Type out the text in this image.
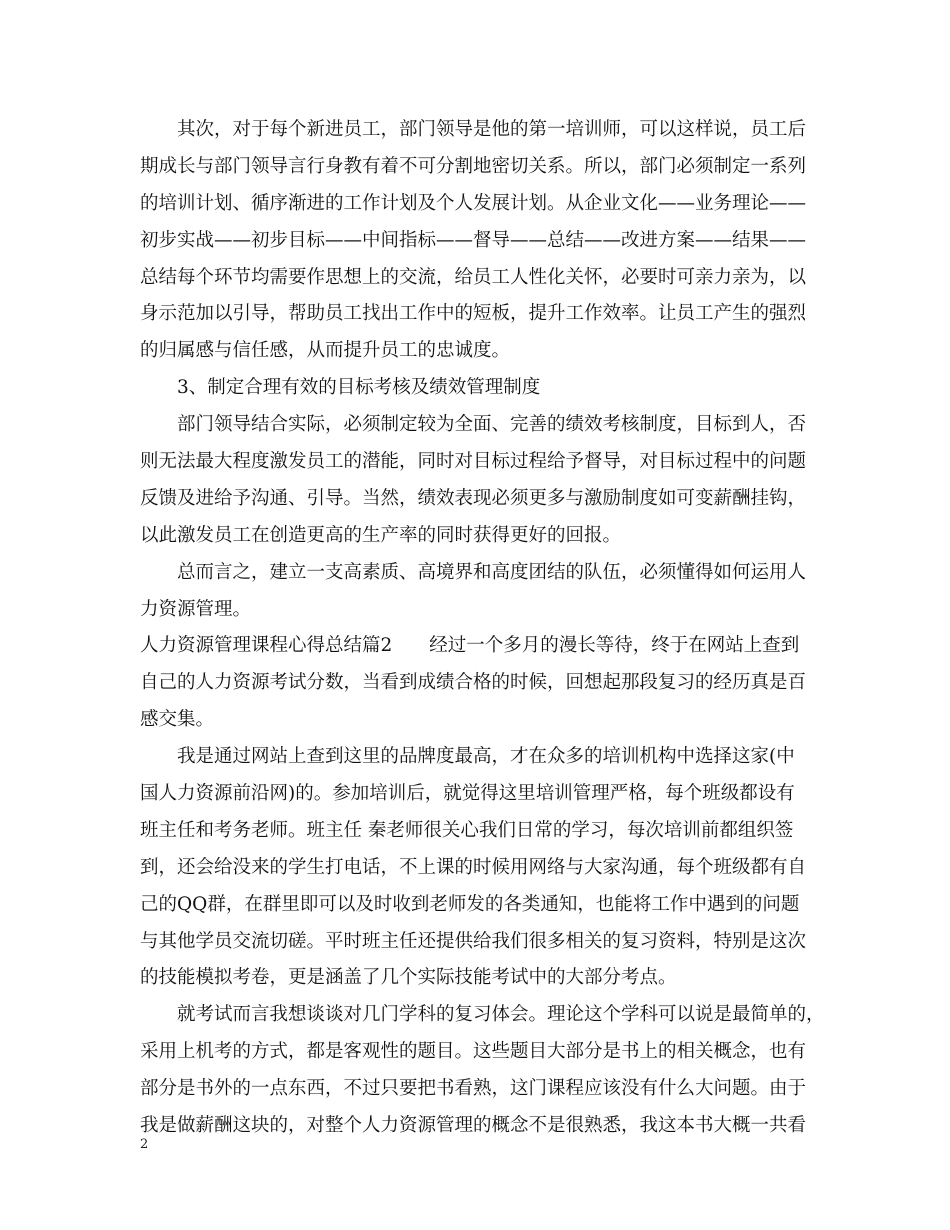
其次，对于每个新进员工，部门领导是他的第一培训师，可以这样说，员工后
期成长与部门领导言行身教有着不可分割地密切关系。所以，部门必须制定一系列
的培训计划、循序渐进的工作计划及个人发展计划。从企业文化——业务理论——
初步实战——初步目标——中间指标——督导——总结——改进方案——结果——
总结每个环节均需要作思想上的交流，给员工人性化关怀，必要时可亲力亲为，以
身示范加以引导，帮助员工找出工作中的短板，提升工作效率。让员工产生的强烈
的归属感与信任感，从而提升员工的忠诚度。
3、制定合理有效的目标考核及绩效管理制度
部门领导结合实际，必须制定较为全面、完善的绩效考核制度，目标到人，否
则无法最大程度激发员工的潜能，同时对目标过程给予督导，对目标过程中的问题
反馈及进给予沟通、引导。当然，绩效表现必须更多与激励制度如可变薪酬挂钩，
以此激发员工在创造更高的生产率的同时获得更好的回报。
总而言之，建立一支高素质、高境界和高度团结的队伍，必须懂得如何运用人
力资源管理。
人力资源管理课程心得总结篇2　　经过一个多月的漫长等待，终于在网站上查到
自己的人力资源考试分数，当看到成绩合格的时候，回想起那段复习的经历真是百
感交集。
我是通过网站上查到这里的品牌度最高，才在众多的培训机构中选择这家(中
国人力资源前沿网)的。参加培训后，就觉得这里培训管理严格，每个班级都设有
班主任和考务老师。班主任 秦老师很关心我们日常的学习，每次培训前都组织签
到，还会给没来的学生打电话，不上课的时候用网络与大家沟通，每个班级都有自
己的QQ群，在群里即可以及时收到老师发的各类通知，也能将工作中遇到的问题
与其他学员交流切磋。平时班主任还提供给我们很多相关的复习资料，特别是这次
的技能模拟考卷，更是涵盖了几个实际技能考试中的大部分考点。
就考试而言我想谈谈对几门学科的复习体会。理论这个学科可以说是最简单的，
采用上机考的方式，都是客观性的题目。这些题目大部分是书上的相关概念，也有
部分是书外的一点东西，不过只要把书看熟，这门课程应该没有什么大问题。由于
我是做薪酬这块的，对整个人力资源管理的概念不是很熟悉，我这本书大概一共看
2
